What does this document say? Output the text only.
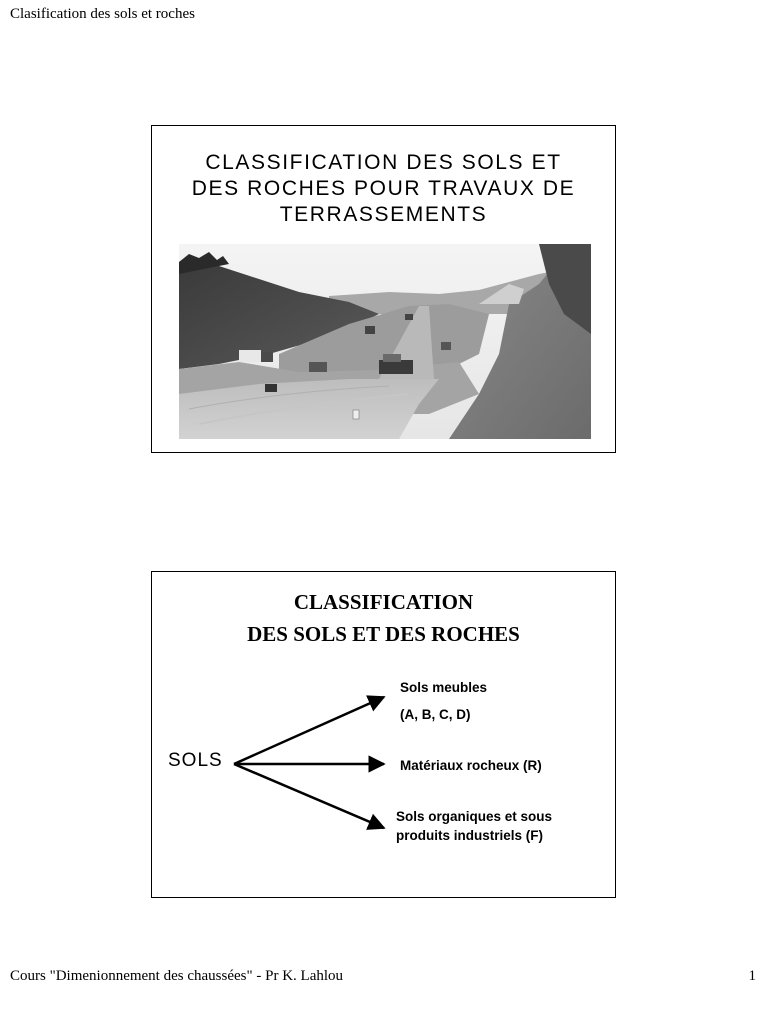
Clasification des sols et roches
CLASSIFICATION DES SOLS ET
DES ROCHES POUR TRAVAUX DE
TERRASSEMENTS
CLASSIFICATION
DES SOLS ET DES ROCHES
SOLS
Sols meubles
(A, B, C, D)
Matériaux rocheux (R)
Sols organiques et sous
produits industriels (F)
Cours "Dimenionnement des chaussées" - Pr K. Lahlou	1
